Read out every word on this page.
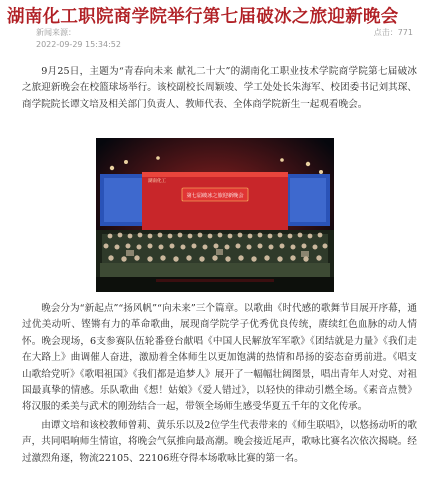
湖南化工职院商学院举行第七届破冰之旅迎新晚会
新闻来源：
2022-09-29 15:34:52
点击：771

9月25日，主题为“青春向未来 献礼二十大”的湖南化工职业技术学院商学院第七届破冰之旅迎新晚会在校篮球场举行。该校副校长周颖竣、学工处处长朱海军、校团委书记刘其琛、商学院院长谭文培及相关部门负责人、教师代表、全体商学院新生一起观看晚会。

湖南化工
第七届破冰之旅迎新晚会

晚会分为“新起点”“扬风帆”“向未来”三个篇章。以歌曲《时代感的歌舞节目展开序幕，通过优美动听、铿锵有力的革命歌曲，展现商学院学子优秀优良传统，赓续红色血脉的动人情怀。晚会现场，6支参赛队伍轮番登台献唱《中国人民解放军军歌》《团结就是力量》《我们走在大路上》曲调催人奋进，激励着全体师生以更加饱满的热情和昂扬的姿态奋勇前进。《唱支山歌给党听》《歌唱祖国》《我们都是追梦人》展开了一幅幅壮阔图景，唱出青年人对党、对祖国最真挚的情感。乐队歌曲《想！姑娘》《爱人错过》，以轻快的律动引燃全场。《素音点赞》将汉服的柔美与武术的刚劲结合一起，带领全场师生感受华夏五千年的文化传承。

由谭文培和该校教师曾莉、黄乐乐以及2位学生代表带来的《师生联唱》，以悠扬动听的歌声，共同唱响师生情谊，将晚会气氛推向最高潮。晚会接近尾声，歌咏比赛名次依次揭晓。经过激烈角逐，物流22105、22106班夺得本场歌咏比赛的第一名。
